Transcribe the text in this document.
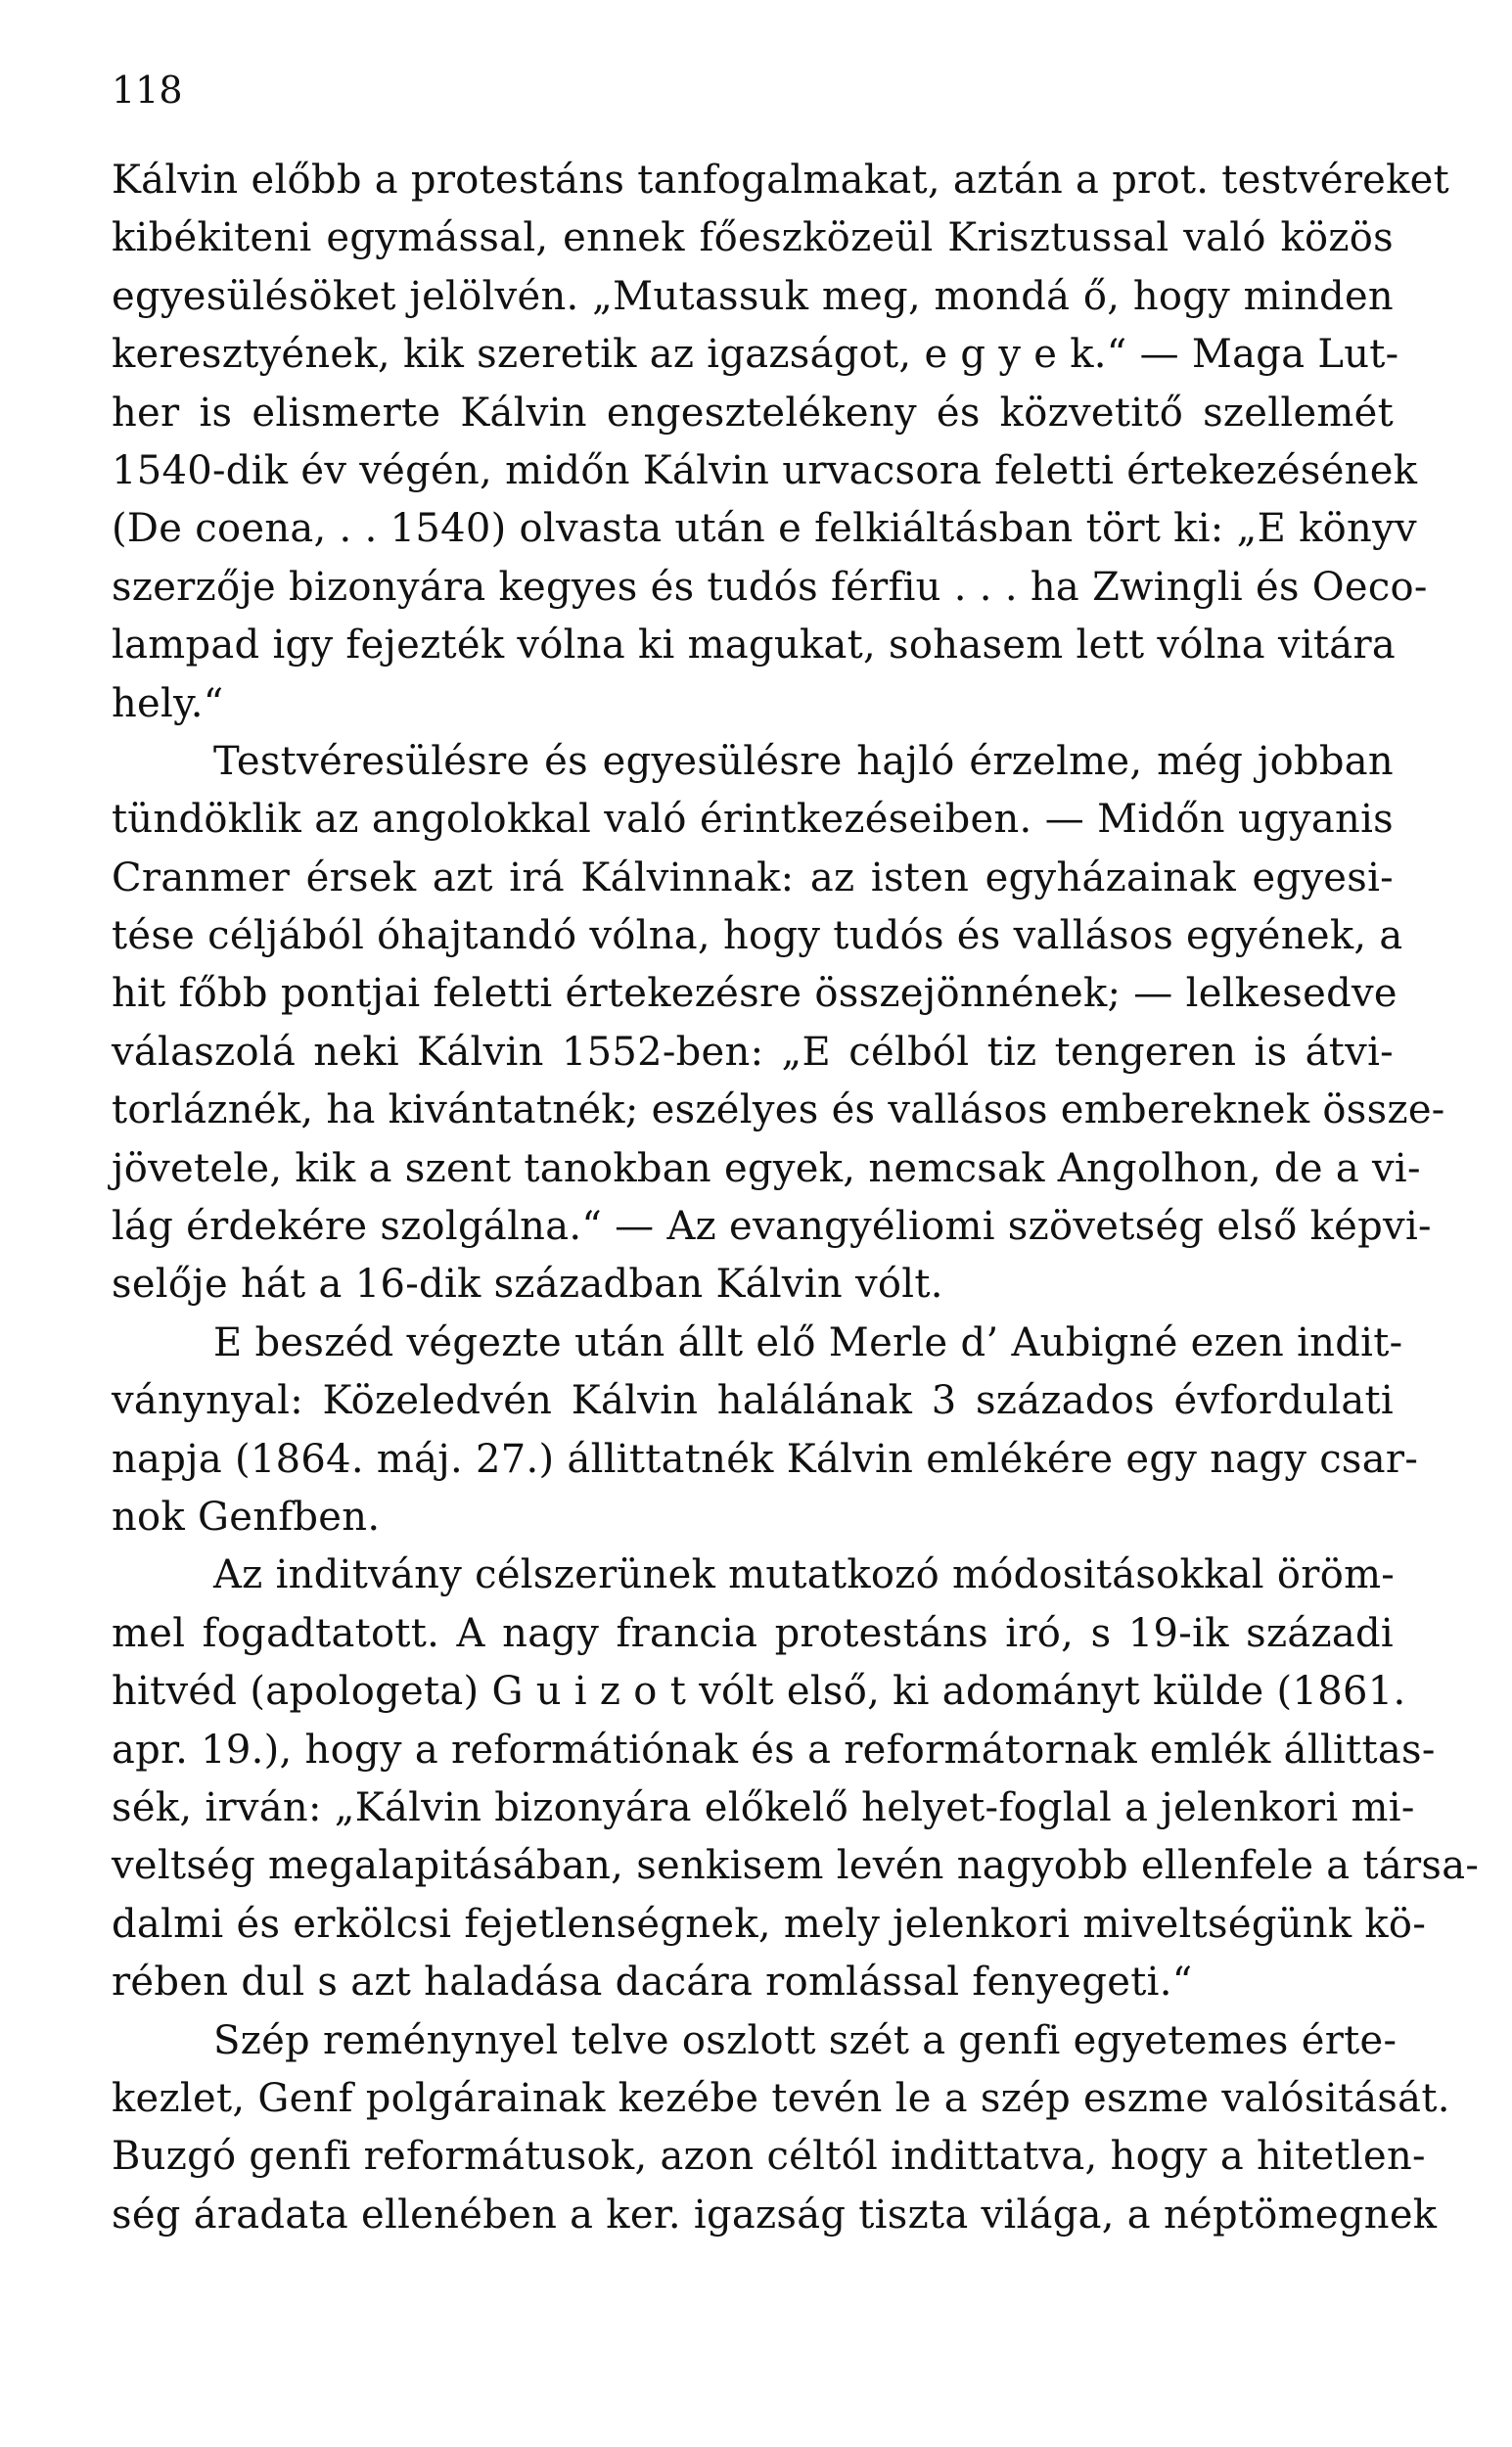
118

Kálvin előbb a protestáns tanfogalmakat, aztán a prot. testvéreket
kibékiteni egymással, ennek főeszközeül Krisztussal való közös
egyesülésöket jelölvén. „Mutassuk meg, mondá ő, hogy minden
keresztyének, kik szeretik az igazságot, e g y e k.“ — Maga Lut-
her is elismerte Kálvin engesztelékeny és közvetitő szellemét
1540-dik év végén, midőn Kálvin urvacsora feletti értekezésének
(De coena, . . 1540) olvasta után e felkiáltásban tört ki: „E könyv
szerzője bizonyára kegyes és tudós férfiu . . . ha Zwingli és Oeco-
lampad igy fejezték vólna ki magukat, sohasem lett vólna vitára
hely.“
Testvéresülésre és egyesülésre hajló érzelme, még jobban
tündöklik az angolokkal való érintkezéseiben. — Midőn ugyanis
Cranmer érsek azt irá Kálvinnak: az isten egyházainak egyesi-
tése céljából óhajtandó vólna, hogy tudós és vallásos egyének, a
hit főbb pontjai feletti értekezésre összejönnének; — lelkesedve
válaszolá neki Kálvin 1552-ben: „E célból tiz tengeren is átvi-
torláznék, ha kivántatnék; eszélyes és vallásos embereknek össze-
jövetele, kik a szent tanokban egyek, nemcsak Angolhon, de a vi-
lág érdekére szolgálna.“ — Az evangyéliomi szövetség első képvi-
selője hát a 16-dik században Kálvin vólt.
E beszéd végezte után állt elő Merle d’ Aubigné ezen indit-
ványnyal: Közeledvén Kálvin halálának 3 százados évfordulati
napja (1864. máj. 27.) állittatnék Kálvin emlékére egy nagy csar-
nok Genfben.
Az inditvány célszerünek mutatkozó módositásokkal öröm-
mel fogadtatott. A nagy francia protestáns iró, s 19-ik századi
hitvéd (apologeta) G u i z o t vólt első, ki adományt külde (1861.
apr. 19.), hogy a reformátiónak és a reformátornak emlék állittas-
sék, irván: „Kálvin bizonyára előkelő helyet-foglal a jelenkori mi-
veltség megalapitásában, senkisem levén nagyobb ellenfele a társa-
dalmi és erkölcsi fejetlenségnek, mely jelenkori miveltségünk kö-
rében dul s azt haladása dacára romlással fenyegeti.“
Szép reménynyel telve oszlott szét a genfi egyetemes érte-
kezlet, Genf polgárainak kezébe tevén le a szép eszme valósitását.
Buzgó genfi reformátusok, azon céltól indittatva, hogy a hitetlen-
ség áradata ellenében a ker. igazság tiszta világa, a néptömegnek
